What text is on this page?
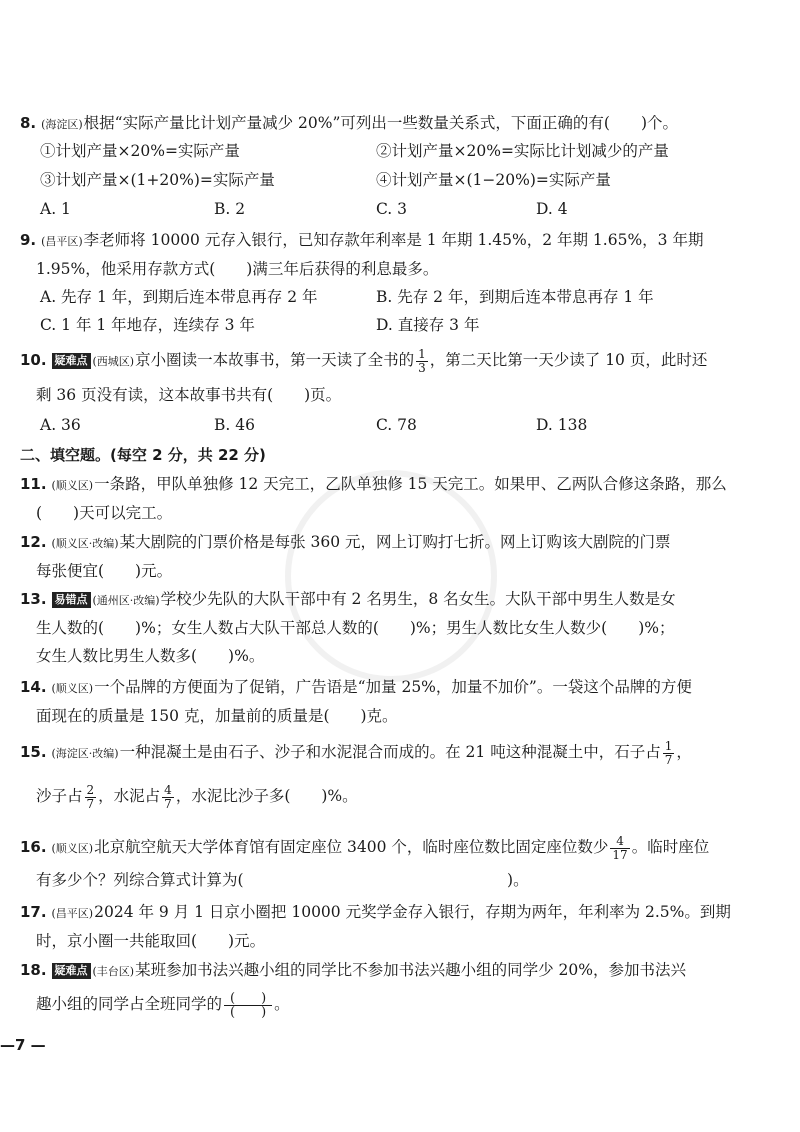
8. (海淀区)根据“实际产量比计划产量减少 20%”可列出一些数量关系式，下面正确的有(　　)个。
①计划产量×20%=实际产量	②计划产量×20%=实际比计划减少的产量
③计划产量×(1+20%)=实际产量	④计划产量×(1−20%)=实际产量
A. 1	B. 2	C. 3	D. 4
9. (昌平区)李老师将 10000 元存入银行，已知存款年利率是 1 年期 1.45%，2 年期 1.65%，3 年期
1.95%，他采用存款方式(　　)满三年后获得的利息最多。
A. 先存 1 年，到期后连本带息再存 2 年	B. 先存 2 年，到期后连本带息再存 1 年
C. 1 年 1 年地存，连续存 3 年	D. 直接存 3 年
10. 疑难点 (西城区)京小圈读一本故事书，第一天读了全书的 $\frac{1}{3}$ ，第二天比第一天少读了 10 页，此时还
剩 36 页没有读，这本故事书共有(　　)页。
A. 36	B. 46	C. 78	D. 138
二、填空题。(每空 2 分，共 22 分)
11. (顺义区)一条路，甲队单独修 12 天完工，乙队单独修 15 天完工。如果甲、乙两队合修这条路，那么
(　　)天可以完工。
12. (顺义区·改编)某大剧院的门票价格是每张 360 元，网上订购打七折。网上订购该大剧院的门票
每张便宜(　　)元。
13. 易错点 (通州区·改编)学校少先队的大队干部中有 2 名男生，8 名女生。大队干部中男生人数是女
生人数的(　　)%；女生人数占大队干部总人数的(　　)%；男生人数比女生人数少(　　)%；
女生人数比男生人数多(　　)%。
14. (顺义区)一个品牌的方便面为了促销，广告语是“加量 25%，加量不加价”。一袋这个品牌的方便
面现在的质量是 150 克，加量前的质量是(　　)克。
15. (海淀区·改编)一种混凝土是由石子、沙子和水泥混合而成的。在 21 吨这种混凝土中，石子占 $\frac{1}{7}$ ，
沙子占 $\frac{2}{7}$ ，水泥占 $\frac{4}{7}$ ，水泥比沙子多(　　)%。
16. (顺义区)北京航空航天大学体育馆有固定座位 3400 个，临时座位数比固定座位数少 $\frac{4}{17}$ 。临时座位
有多少个？列综合算式计算为(　　　　　　　　　　　　　　　　　)。
17. (昌平区)2024 年 9 月 1 日京小圈把 10000 元奖学金存入银行，存期为两年，年利率为 2.5%。到期
时，京小圈一共能取回(　　)元。
18. 疑难点 (丰台区)某班参加书法兴趣小组的同学比不参加书法兴趣小组的同学少 20%，参加书法兴
趣小组的同学占全班同学的 $\frac{( )}{( )}$ 。
—7 —
